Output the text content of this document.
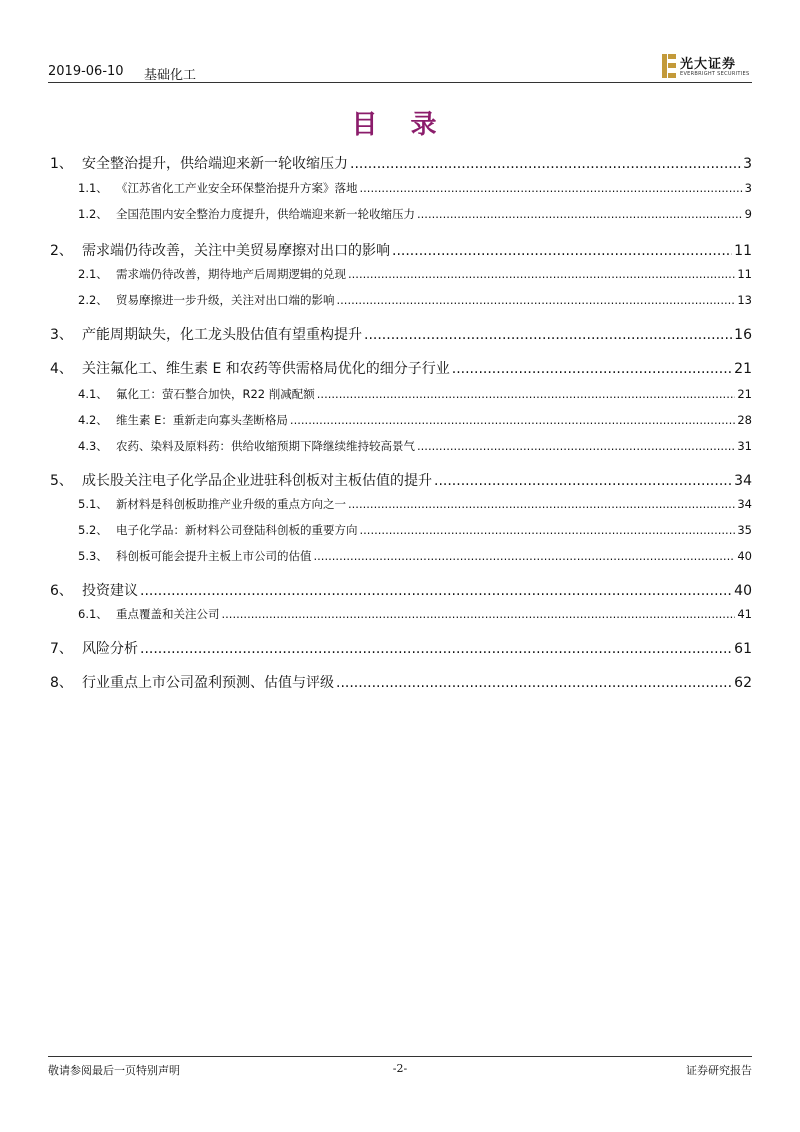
2019-06-10 基础化工
光大证券
EVERBRIGHT SECURITIES
目 录
1、 安全整治提升，供给端迎来新一轮收缩压力 .....	3
1.1、 《江苏省化工产业安全环保整治提升方案》落地 .....	3
1.2、 全国范围内安全整治力度提升，供给端迎来新一轮收缩压力 .....	9
2、 需求端仍待改善，关注中美贸易摩擦对出口的影响 .....	11
2.1、 需求端仍待改善，期待地产后周期逻辑的兑现 .....	11
2.2、 贸易摩擦进一步升级，关注对出口端的影响 .....	13
3、 产能周期缺失，化工龙头股估值有望重构提升 .....	16
4、 关注氟化工、维生素 E 和农药等供需格局优化的细分子行业 .....	21
4.1、 氟化工：萤石整合加快，R22 削减配额 .....	21
4.2、 维生素 E：重新走向寡头垄断格局 .....	28
4.3、 农药、染料及原料药：供给收缩预期下降继续维持较高景气 .....	31
5、 成长股关注电子化学品企业进驻科创板对主板估值的提升 .....	34
5.1、 新材料是科创板助推产业升级的重点方向之一 .....	34
5.2、 电子化学品：新材料公司登陆科创板的重要方向 .....	35
5.3、 科创板可能会提升主板上市公司的估值 .....	40
6、 投资建议 .....	40
6.1、 重点覆盖和关注公司 .....	41
7、 风险分析 .....	61
8、 行业重点上市公司盈利预测、估值与评级 .....	62
敬请参阅最后一页特别声明	-2-	证券研究报告
